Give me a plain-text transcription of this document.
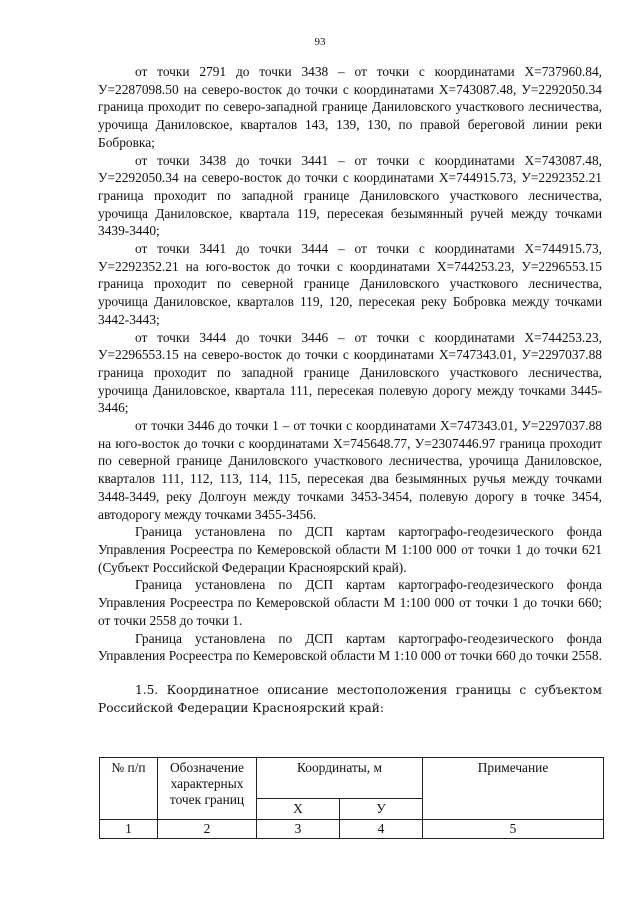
93

от точки 2791 до точки 3438 – от точки с координатами Х=737960.84, У=2287098.50 на северо-восток до точки с координатами Х=743087.48, У=2292050.34 граница проходит по северо-западной границе Даниловского участкового лесничества, урочища Даниловское, кварталов 143, 139, 130, по правой береговой линии реки Бобровка;

от точки 3438 до точки 3441 – от точки с координатами Х=743087.48, У=2292050.34 на северо-восток до точки с координатами Х=744915.73, У=2292352.21 граница проходит по западной границе Даниловского участкового лесничества, урочища Даниловское, квартала 119, пересекая безымянный ручей между точками 3439-3440;

от точки 3441 до точки 3444 – от точки с координатами Х=744915.73, У=2292352.21 на юго-восток до точки с координатами Х=744253.23, У=2296553.15 граница проходит по северной границе Даниловского участкового лесничества, урочища Даниловское, кварталов 119, 120, пересекая реку Бобровка между точками 3442-3443;

от точки 3444 до точки 3446 – от точки с координатами Х=744253.23, У=2296553.15 на северо-восток до точки с координатами Х=747343.01, У=2297037.88 граница проходит по западной границе Даниловского участкового лесничества, урочища Даниловское, квартала 111, пересекая полевую дорогу между точками 3445-3446;

от точки 3446 до точки 1 – от точки с координатами Х=747343.01, У=2297037.88 на юго-восток до точки с координатами Х=745648.77, У=2307446.97 граница проходит по северной границе Даниловского участкового лесничества, урочища Даниловское, кварталов 111, 112, 113, 114, 115, пересекая два безымянных ручья между точками 3448-3449, реку Долгоун между точками 3453-3454, полевую дорогу в точке 3454, автодорогу между точками 3455-3456.

Граница установлена по ДСП картам картографо-геодезического фонда Управления Росреестра по Кемеровской области М 1:100 000 от точки 1 до точки 621 (Субъект Российской Федерации Красноярский край).

Граница установлена по ДСП картам картографо-геодезического фонда Управления Росреестра по Кемеровской области М 1:100 000 от точки 1 до точки 660; от точки 2558 до точки 1.

Граница установлена по ДСП картам картографо-геодезического фонда Управления Росреестра по Кемеровской области М 1:10 000 от точки 660 до точки 2558.

1.5. Координатное описание местоположения границы с субъектом Российской Федерации Красноярский край:

№ п/п	Обозначение характерных точек границ	Координаты, м		Примечание
		Х	У	
1	2	3	4	5
